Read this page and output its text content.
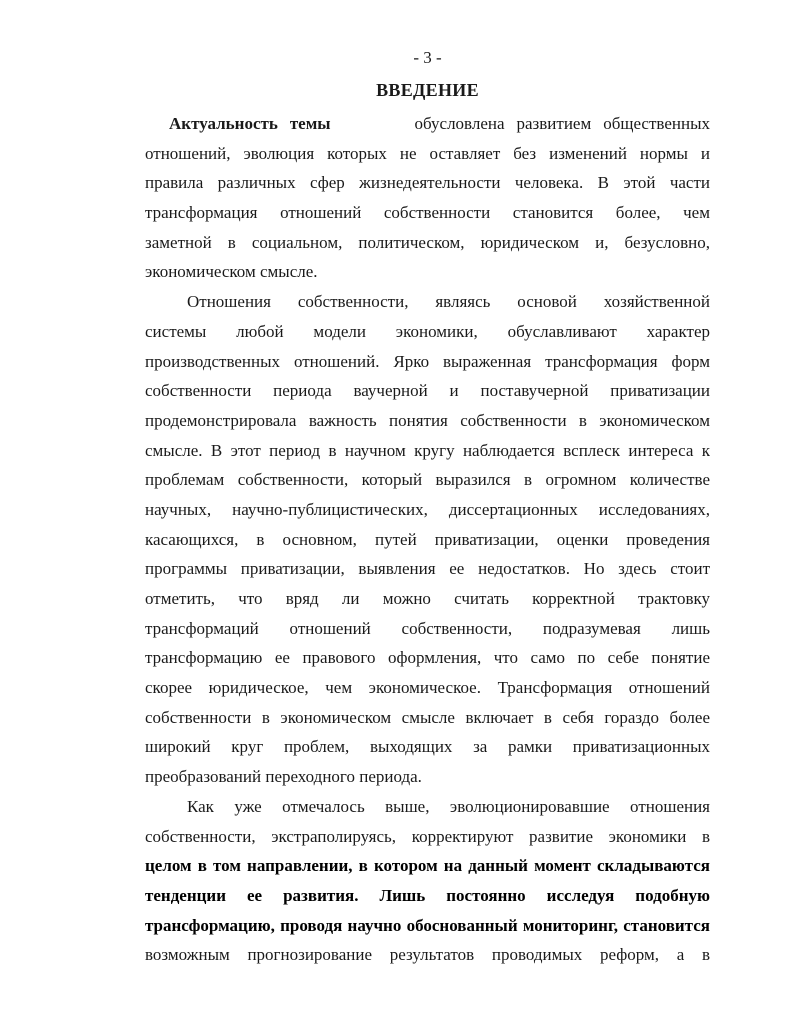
- 3 -
ВВЕДЕНИЕ
Актуальность темы	обусловлена развитием общественных
отношений, эволюция которых не оставляет без изменений нормы и
правила различных сфер жизнедеятельности человека. В этой части
трансформация отношений собственности становится более, чем
заметной в социальном, политическом, юридическом и, безусловно,
экономическом смысле.
Отношения собственности, являясь основой хозяйственной
системы любой модели экономики, обуславливают характер
производственных отношений. Ярко выраженная трансформация форм
собственности периода ваучерной и поставучерной приватизации
продемонстрировала важность понятия собственности в экономическом
смысле. В этот период в научном кругу наблюдается всплеск интереса к
проблемам собственности, который выразился в огромном количестве
научных, научно-публицистических, диссертационных исследованиях,
касающихся, в основном, путей приватизации, оценки проведения
программы приватизации, выявления ее недостатков. Но здесь стоит
отметить, что вряд ли можно считать корректной трактовку
трансформаций отношений собственности, подразумевая лишь
трансформацию ее правового оформления, что само по себе понятие
скорее юридическое, чем экономическое. Трансформация отношений
собственности в экономическом смысле включает в себя гораздо более
широкий круг проблем, выходящих за рамки приватизационных
преобразований переходного периода.
Как уже отмечалось выше, эволюционировавшие отношения
собственности, экстраполируясь, корректируют развитие экономики в
целом в том направлении, в котором на данный момент складываются
тенденции ее развития. Лишь постоянно исследуя подобную
трансформацию, проводя научно обоснованный мониторинг, становится
возможным прогнозирование результатов проводимых реформ, а в
